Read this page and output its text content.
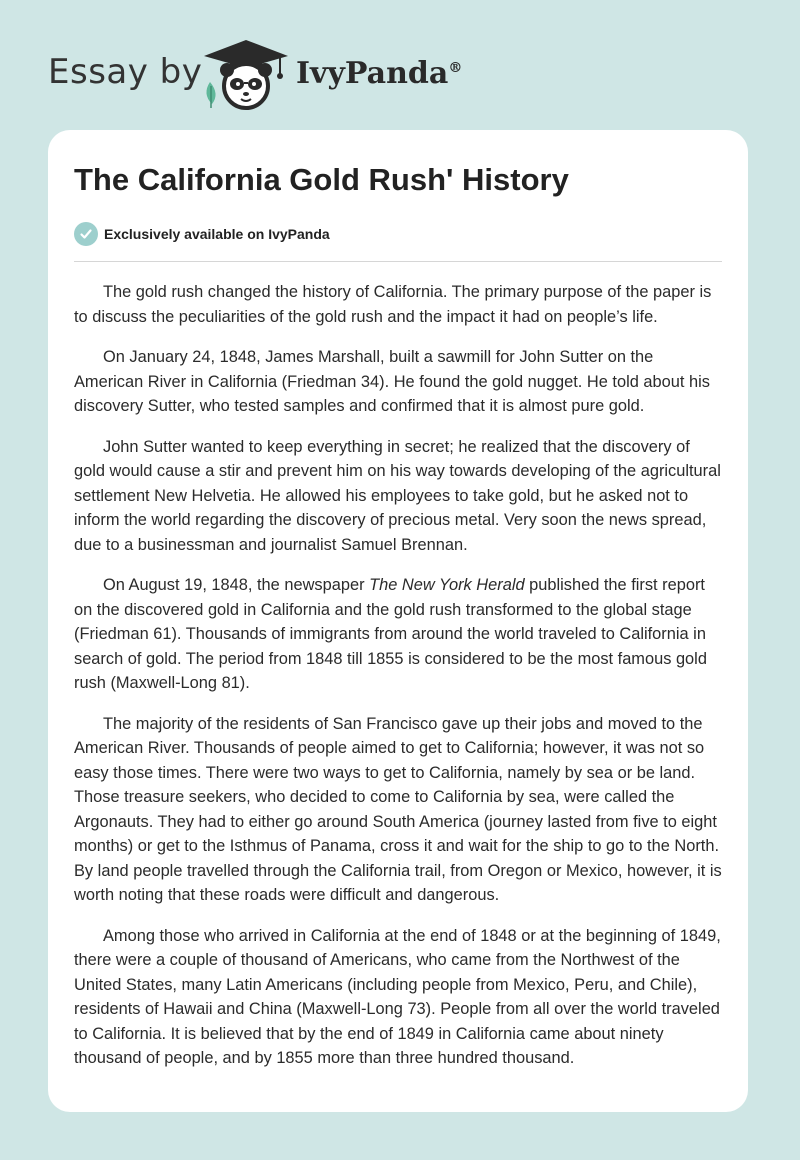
Essay by	IvyPanda®
The California Gold Rush' History
Exclusively available on IvyPanda

The gold rush changed the history of California. The primary purpose of the paper is to discuss the peculiarities of the gold rush and the impact it had on people’s life.

On January 24, 1848, James Marshall, built a sawmill for John Sutter on the American River in California (Friedman 34). He found the gold nugget. He told about his discovery Sutter, who tested samples and confirmed that it is almost pure gold.

John Sutter wanted to keep everything in secret; he realized that the discovery of gold would cause a stir and prevent him on his way towards developing of the agricultural settlement New Helvetia. He allowed his employees to take gold, but he asked not to inform the world regarding the discovery of precious metal. Very soon the news spread, due to a businessman and journalist Samuel Brennan.

On August 19, 1848, the newspaper The New York Herald published the first report on the discovered gold in California and the gold rush transformed to the global stage (Friedman 61). Thousands of immigrants from around the world traveled to California in search of gold. The period from 1848 till 1855 is considered to be the most famous gold rush (Maxwell-Long 81).

The majority of the residents of San Francisco gave up their jobs and moved to the American River. Thousands of people aimed to get to California; however, it was not so easy those times. There were two ways to get to California, namely by sea or be land. Those treasure seekers, who decided to come to California by sea, were called the Argonauts. They had to either go around South America (journey lasted from five to eight months) or get to the Isthmus of Panama, cross it and wait for the ship to go to the North. By land people travelled through the California trail, from Oregon or Mexico, however, it is worth noting that these roads were difficult and dangerous.

Among those who arrived in California at the end of 1848 or at the beginning of 1849, there were a couple of thousand of Americans, who came from the Northwest of the United States, many Latin Americans (including people from Mexico, Peru, and Chile), residents of Hawaii and China (Maxwell-Long 73). People from all over the world traveled to California. It is believed that by the end of 1849 in California came about ninety thousand of people, and by 1855 more than three hundred thousand.
